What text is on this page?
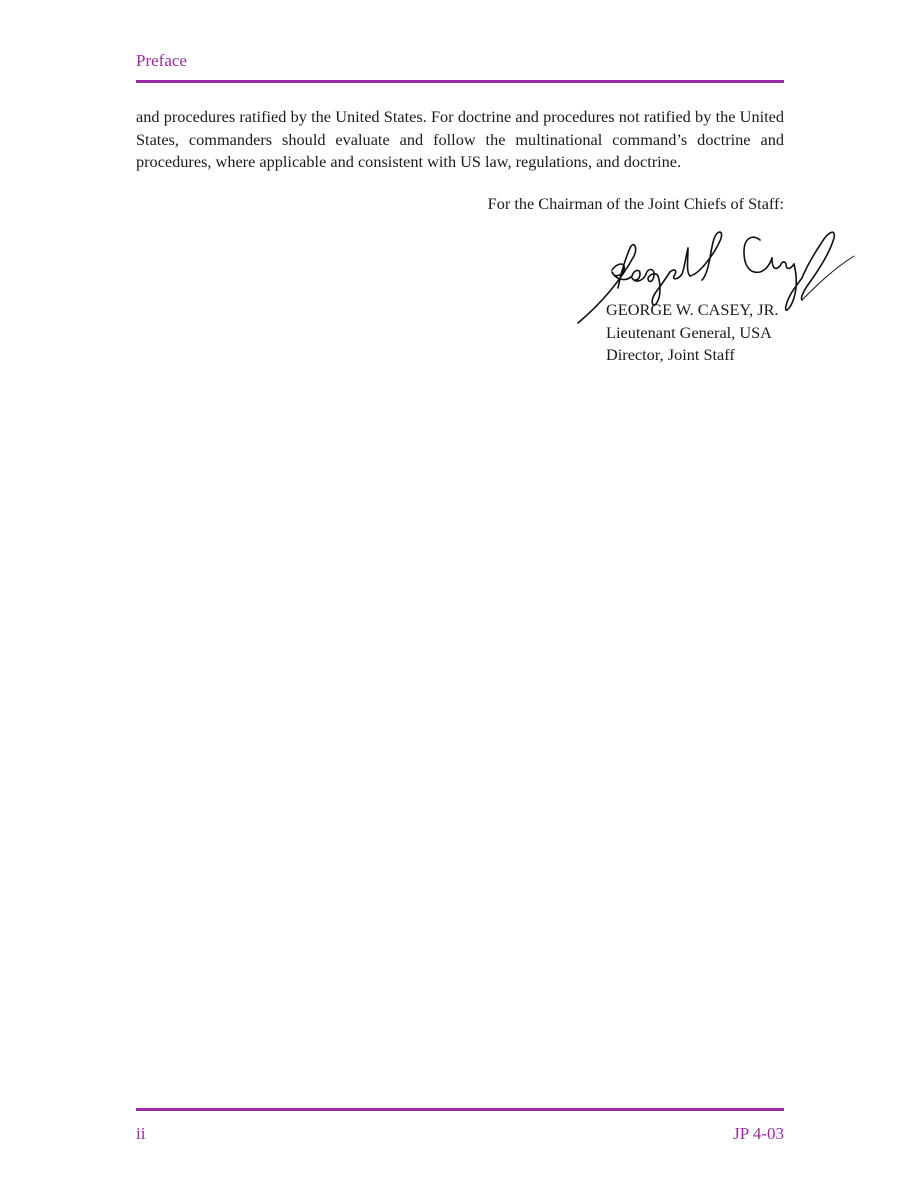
Preface

and procedures ratified by the United States. For doctrine and procedures not ratified by the United States, commanders should evaluate and follow the multinational command’s doctrine and procedures, where applicable and consistent with US law, regulations, and doctrine.

For the Chairman of the Joint Chiefs of Staff:
GEORGE W. CASEY, JR.
Lieutenant General, USA
Director, Joint Staff
ii	JP 4-03
